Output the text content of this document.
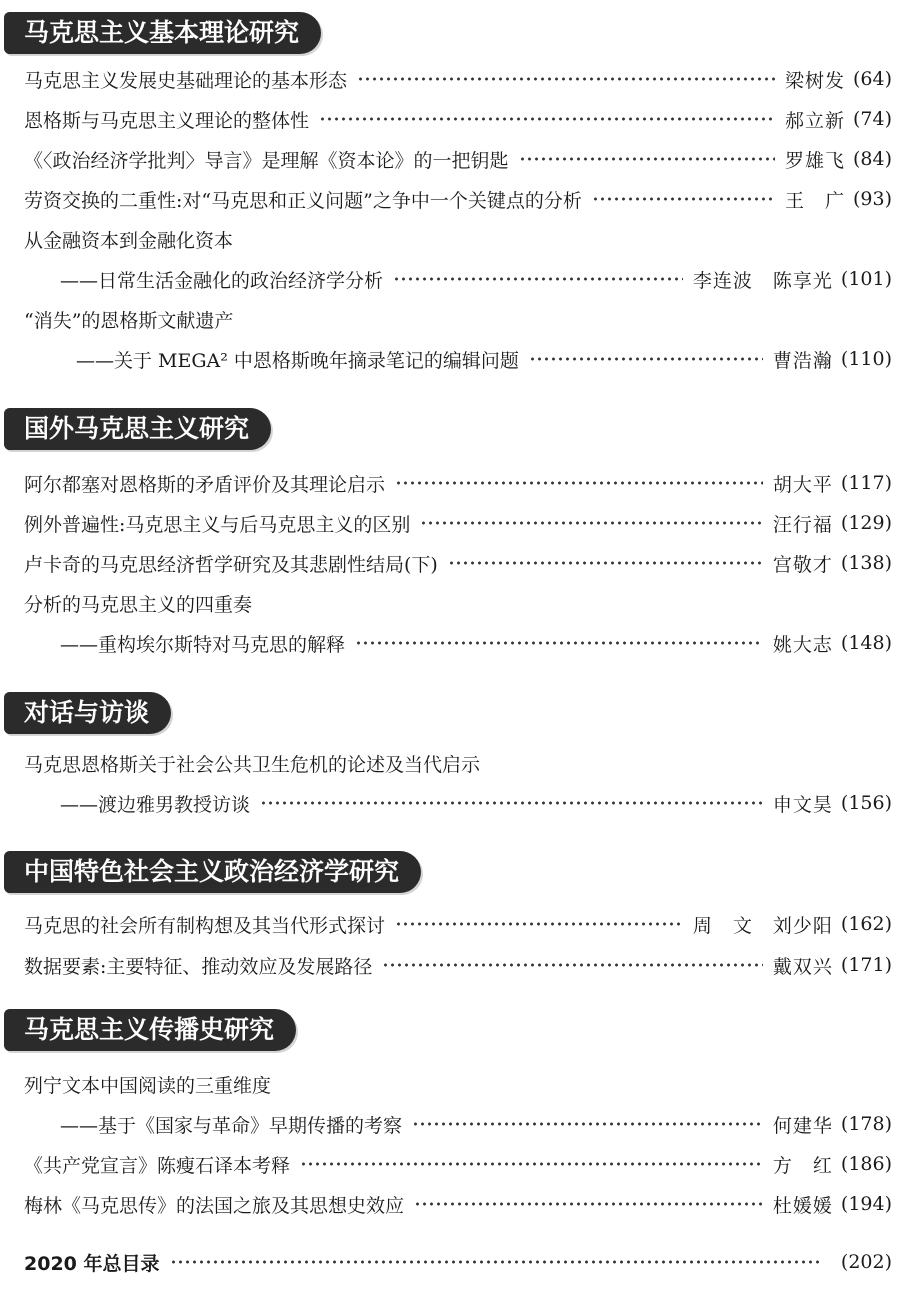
马克思主义基本理论研究
马克思主义发展史基础理论的基本形态	梁树发 (64)
恩格斯与马克思主义理论的整体性	郝立新 (74)
《〈政治经济学批判〉导言》是理解《资本论》的一把钥匙	罗雄飞 (84)
劳资交换的二重性:对“马克思和正义问题”之争中一个关键点的分析	王　广 (93)
从金融资本到金融化资本
——日常生活金融化的政治经济学分析	李连波　陈享光 (101)
“消失”的恩格斯文献遗产
——关于 MEGA² 中恩格斯晚年摘录笔记的编辑问题	曹浩瀚 (110)
国外马克思主义研究
阿尔都塞对恩格斯的矛盾评价及其理论启示	胡大平 (117)
例外普遍性:马克思主义与后马克思主义的区别	汪行福 (129)
卢卡奇的马克思经济哲学研究及其悲剧性结局(下)	宫敬才 (138)
分析的马克思主义的四重奏
——重构埃尔斯特对马克思的解释	姚大志 (148)
对话与访谈
马克思恩格斯关于社会公共卫生危机的论述及当代启示
——渡边雅男教授访谈	申文昊 (156)
中国特色社会主义政治经济学研究
马克思的社会所有制构想及其当代形式探讨	周　文　刘少阳 (162)
数据要素:主要特征、推动效应及发展路径	戴双兴 (171)
马克思主义传播史研究
列宁文本中国阅读的三重维度
——基于《国家与革命》早期传播的考察	何建华 (178)
《共产党宣言》陈瘦石译本考释	方　红 (186)
梅林《马克思传》的法国之旅及其思想史效应	杜媛媛 (194)
2020 年总目录	(202)
